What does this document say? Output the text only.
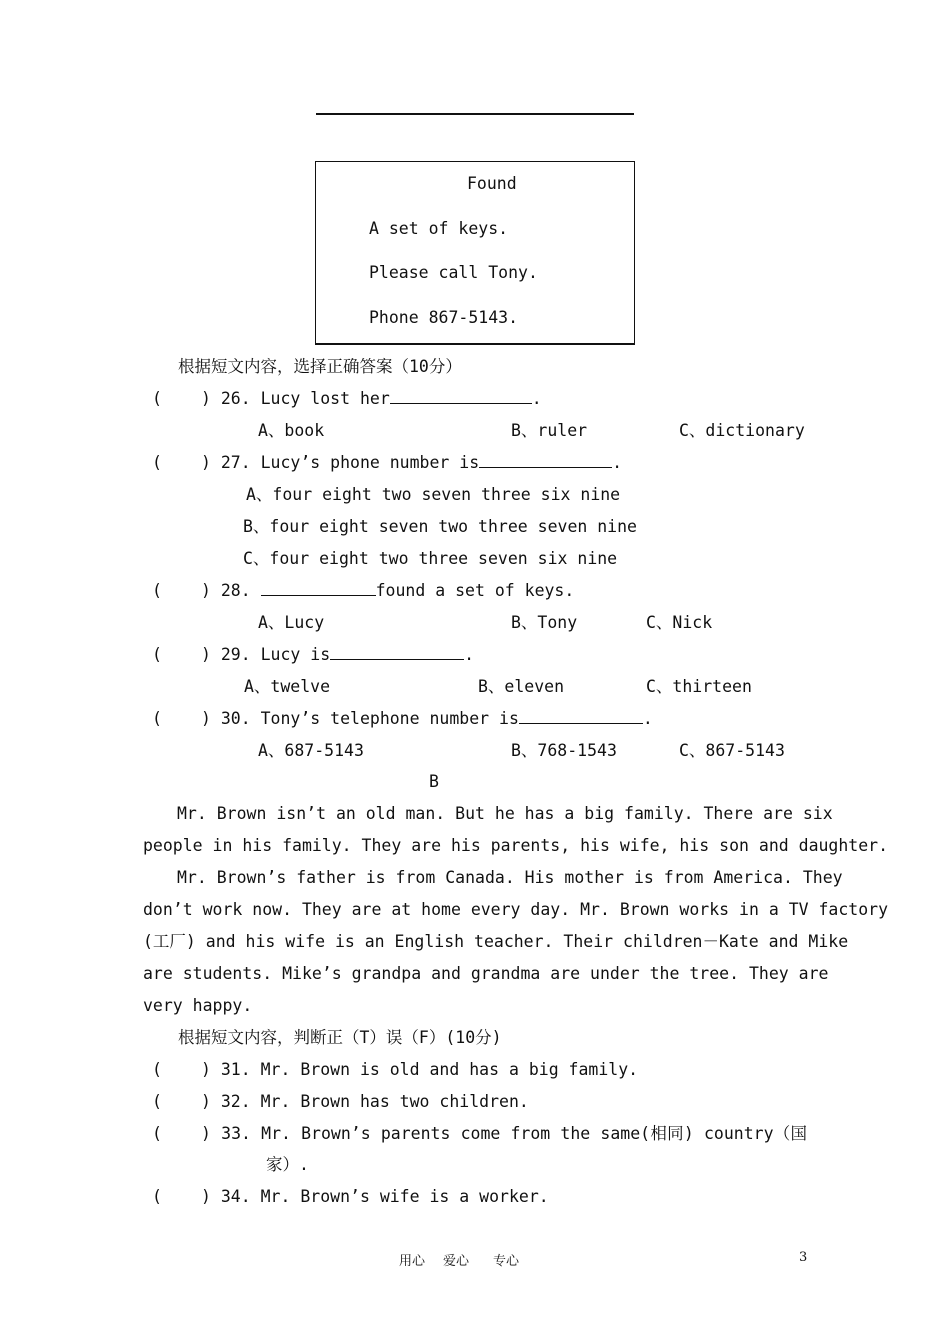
Found
A set of keys.
Please call Tony.
Phone 867-5143.
根据短文内容，选择正确答案（10分）
( ) 26. Lucy lost her	.
A、book	B、ruler	C、dictionary
( ) 27. Lucy’s phone number is	.
A、four eight two seven three six nine
B、four eight seven two three seven nine
C、four eight two three seven six nine
( ) 28.	found a set of keys.
A、Lucy	B、Tony	C、Nick
( ) 29. Lucy is	.
A、twelve	B、eleven	C、thirteen
( ) 30. Tony’s telephone number is	.
A、687-5143	B、768-1543	C、867-5143
B
Mr. Brown isn’t an old man. But he has a big family. There are six
people in his family. They are his parents, his wife, his son and daughter.
Mr. Brown’s father is from Canada. His mother is from America. They
don’t work now. They are at home every day. Mr. Brown works in a TV factory
(工厂) and his wife is an English teacher. Their children－Kate and Mike
are students. Mike’s grandpa and grandma are under the tree. They are
very happy.
根据短文内容，判断正（T）误（F）(10分)
( ) 31. Mr. Brown is old and has a big family.
( ) 32. Mr. Brown has two children.
( ) 33. Mr. Brown’s parents come from the same(相同) country（国
家）.
( ) 34. Mr. Brown’s wife is a worker.
用心 爱心 专心	3
